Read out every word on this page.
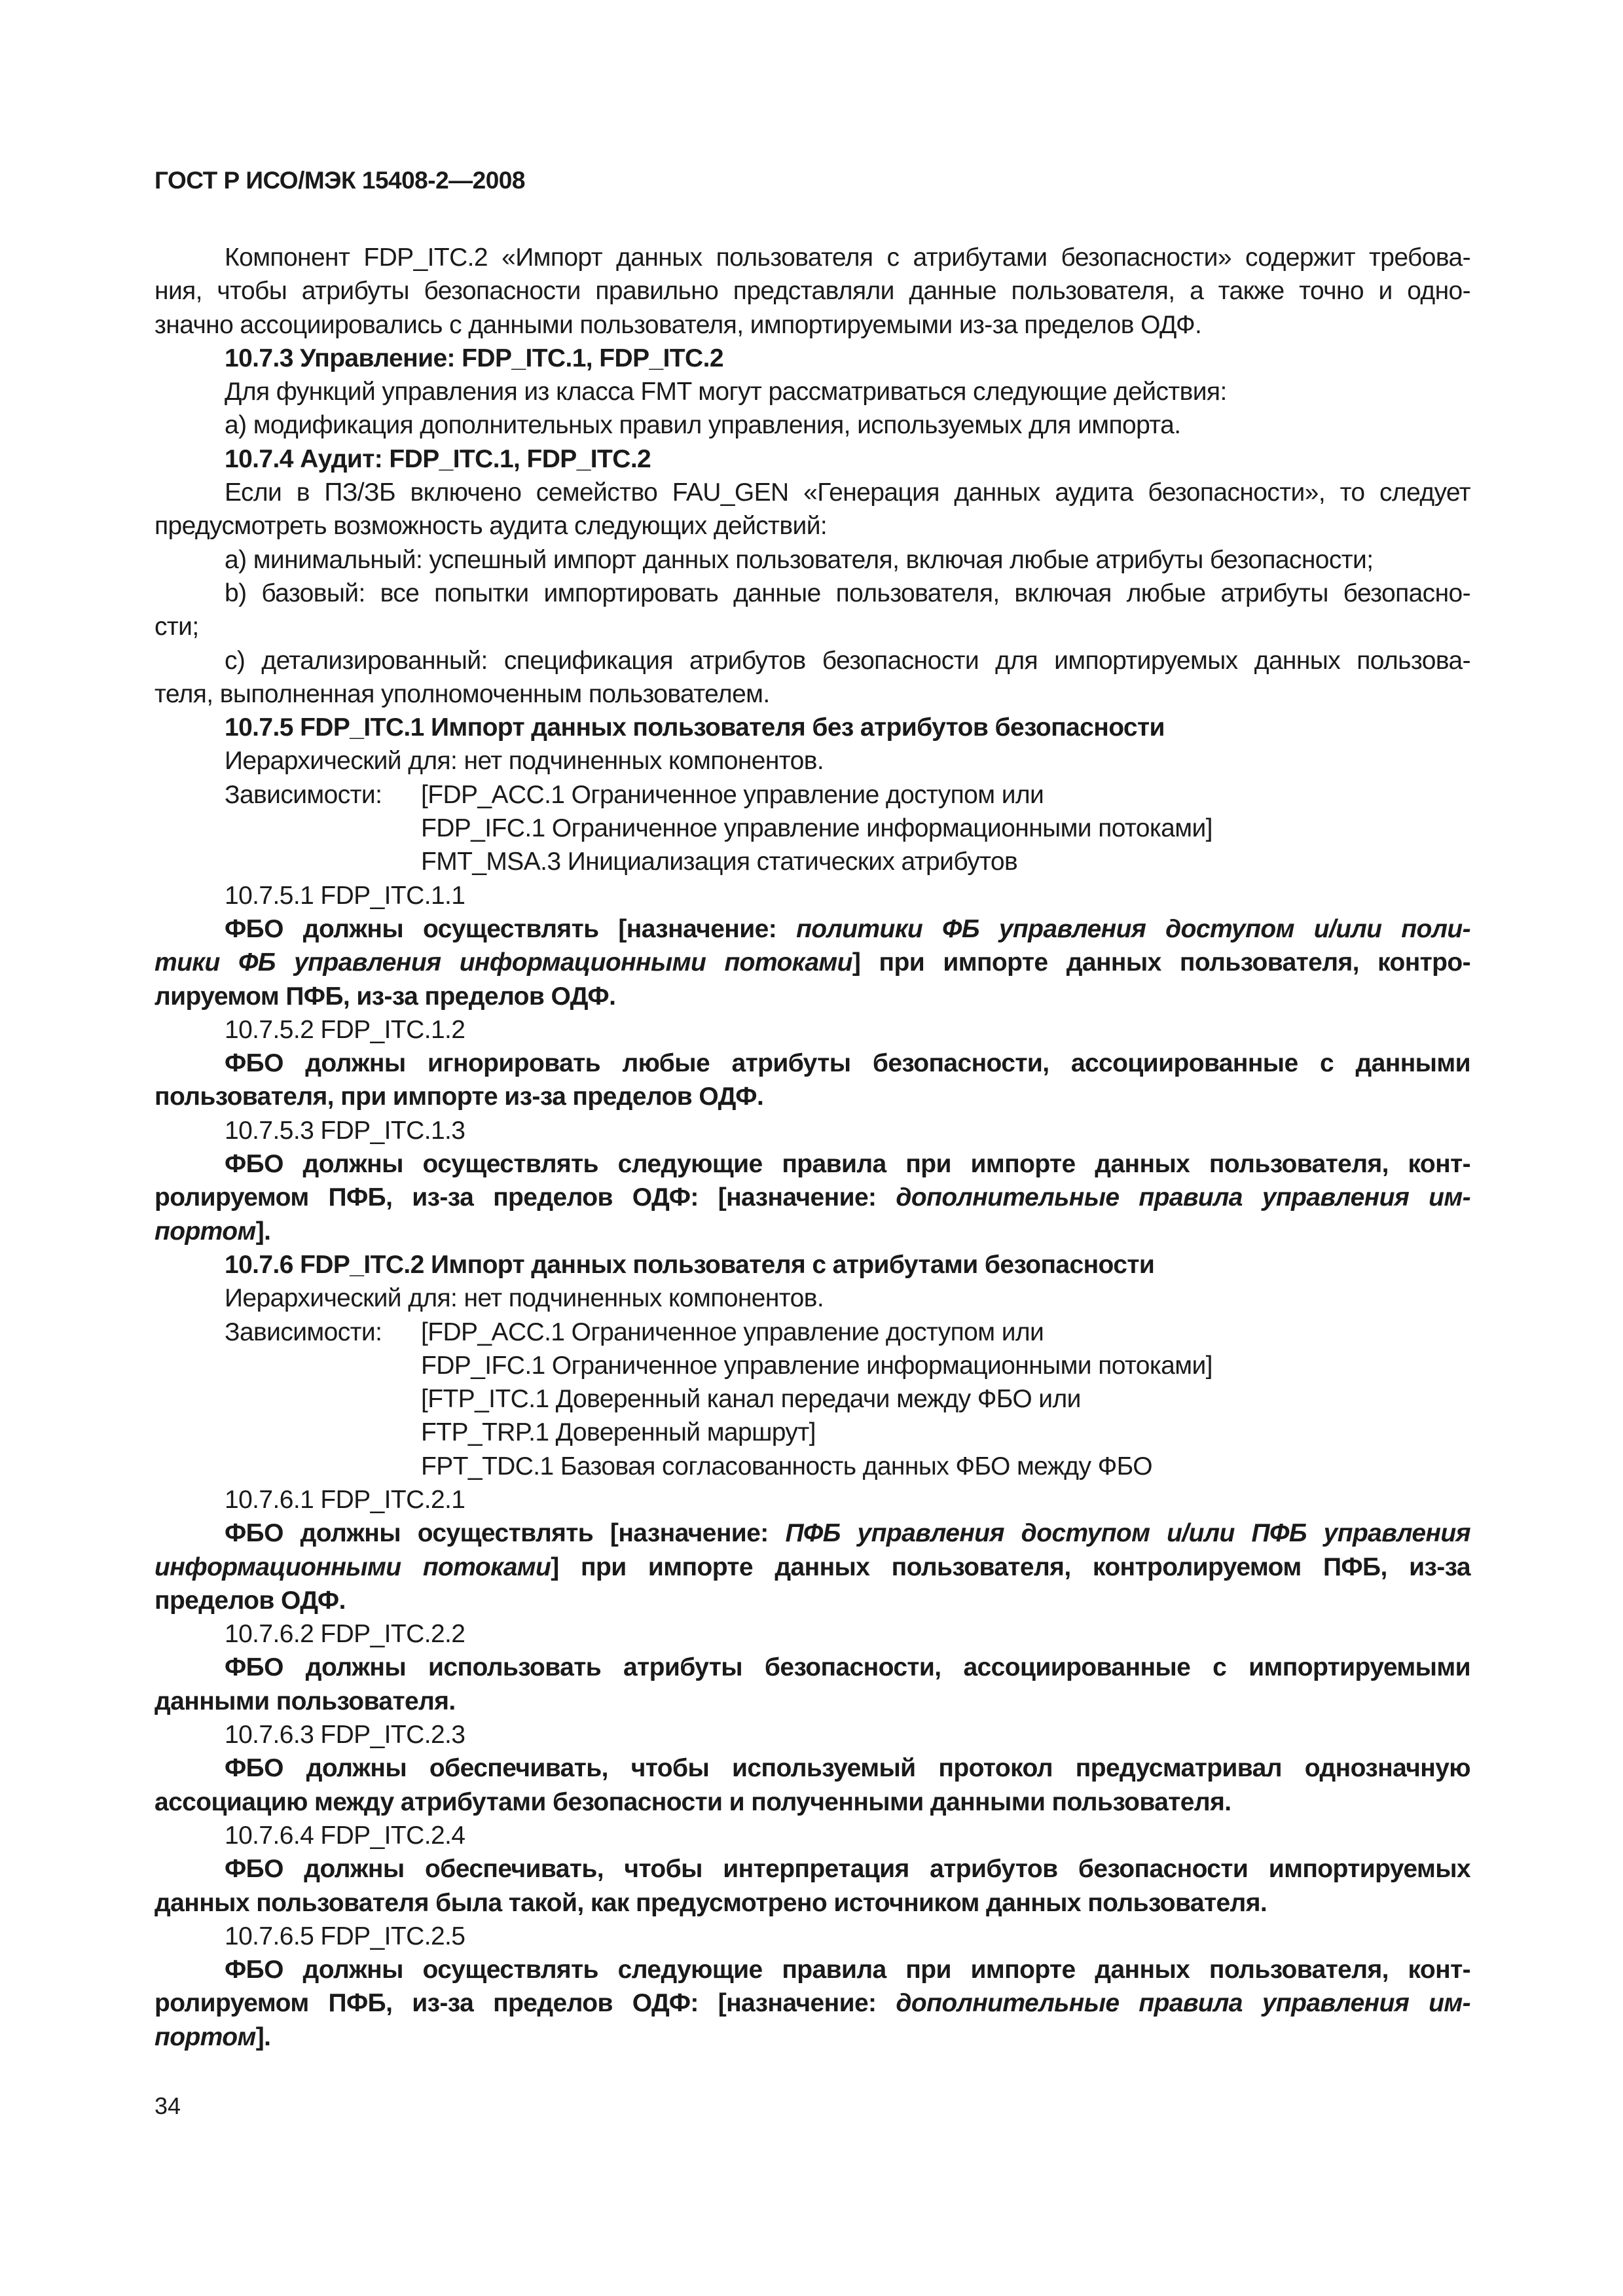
ГОСТ Р ИСО/МЭК 15408-2—2008

Компонент FDP_ITC.2 «Импорт данных пользователя с атрибутами безопасности» содержит требова-

ния, чтобы атрибуты безопасности правильно представляли данные пользователя, а также точно и одно-

значно ассоциировались с данными пользователя, импортируемыми из-за пределов ОДФ.

10.7.3 Управление: FDP_ITC.1, FDP_ITC.2

Для функций управления из класса FMT могут рассматриваться следующие действия:

а) модификация дополнительных правил управления, используемых для импорта.

10.7.4 Аудит: FDP_ITC.1, FDP_ITC.2

Если в ПЗ/ЗБ включено семейство FAU_GEN «Генерация данных аудита безопасности», то следует

предусмотреть возможность аудита следующих действий:

а) минимальный: успешный импорт данных пользователя, включая любые атрибуты безопасности;

b) базовый: все попытки импортировать данные пользователя, включая любые атрибуты безопасно-

сти;

с) детализированный: спецификация атрибутов безопасности для импортируемых данных пользова-

теля, выполненная уполномоченным пользователем.

10.7.5 FDP_ITC.1 Импорт данных пользователя без атрибутов безопасности

Иерархический для: нет подчиненных компонентов.

Зависимости:	[FDP_ACC.1 Ограниченное управление доступом или

FDP_IFC.1 Ограниченное управление информационными потоками]

FMT_MSA.3 Инициализация статических атрибутов

10.7.5.1 FDP_ITC.1.1

ФБО должны осуществлять [назначение: политики ФБ управления доступом и/или поли-

тики ФБ управления информационными потоками] при импорте данных пользователя, контро-

лируемом ПФБ, из-за пределов ОДФ.

10.7.5.2 FDP_ITC.1.2

ФБО должны игнорировать любые атрибуты безопасности, ассоциированные с данными

пользователя, при импорте из-за пределов ОДФ.

10.7.5.3 FDP_ITC.1.3

ФБО должны осуществлять следующие правила при импорте данных пользователя, конт-

ролируемом ПФБ, из-за пределов ОДФ: [назначение: дополнительные правила управления им-

портом].

10.7.6 FDP_ITC.2 Импорт данных пользователя с атрибутами безопасности

Иерархический для: нет подчиненных компонентов.

Зависимости:	[FDP_ACC.1 Ограниченное управление доступом или

FDP_IFC.1 Ограниченное управление информационными потоками]

[FTP_ITC.1 Доверенный канал передачи между ФБО или

FTP_TRP.1 Доверенный маршрут]

FPT_TDC.1 Базовая согласованность данных ФБО между ФБО

10.7.6.1 FDP_ITC.2.1

ФБО должны осуществлять [назначение: ПФБ управления доступом и/или ПФБ управления

информационными потоками] при импорте данных пользователя, контролируемом ПФБ, из-за

пределов ОДФ.

10.7.6.2 FDP_ITC.2.2

ФБО должны использовать атрибуты безопасности, ассоциированные с импортируемыми

данными пользователя.

10.7.6.3 FDP_ITC.2.3

ФБО должны обеспечивать, чтобы используемый протокол предусматривал однозначную

ассоциацию между атрибутами безопасности и полученными данными пользователя.

10.7.6.4 FDP_ITC.2.4

ФБО должны обеспечивать, чтобы интерпретация атрибутов безопасности импортируемых

данных пользователя была такой, как предусмотрено источником данных пользователя.

10.7.6.5 FDP_ITC.2.5

ФБО должны осуществлять следующие правила при импорте данных пользователя, конт-

ролируемом ПФБ, из-за пределов ОДФ: [назначение: дополнительные правила управления им-

портом].

34
